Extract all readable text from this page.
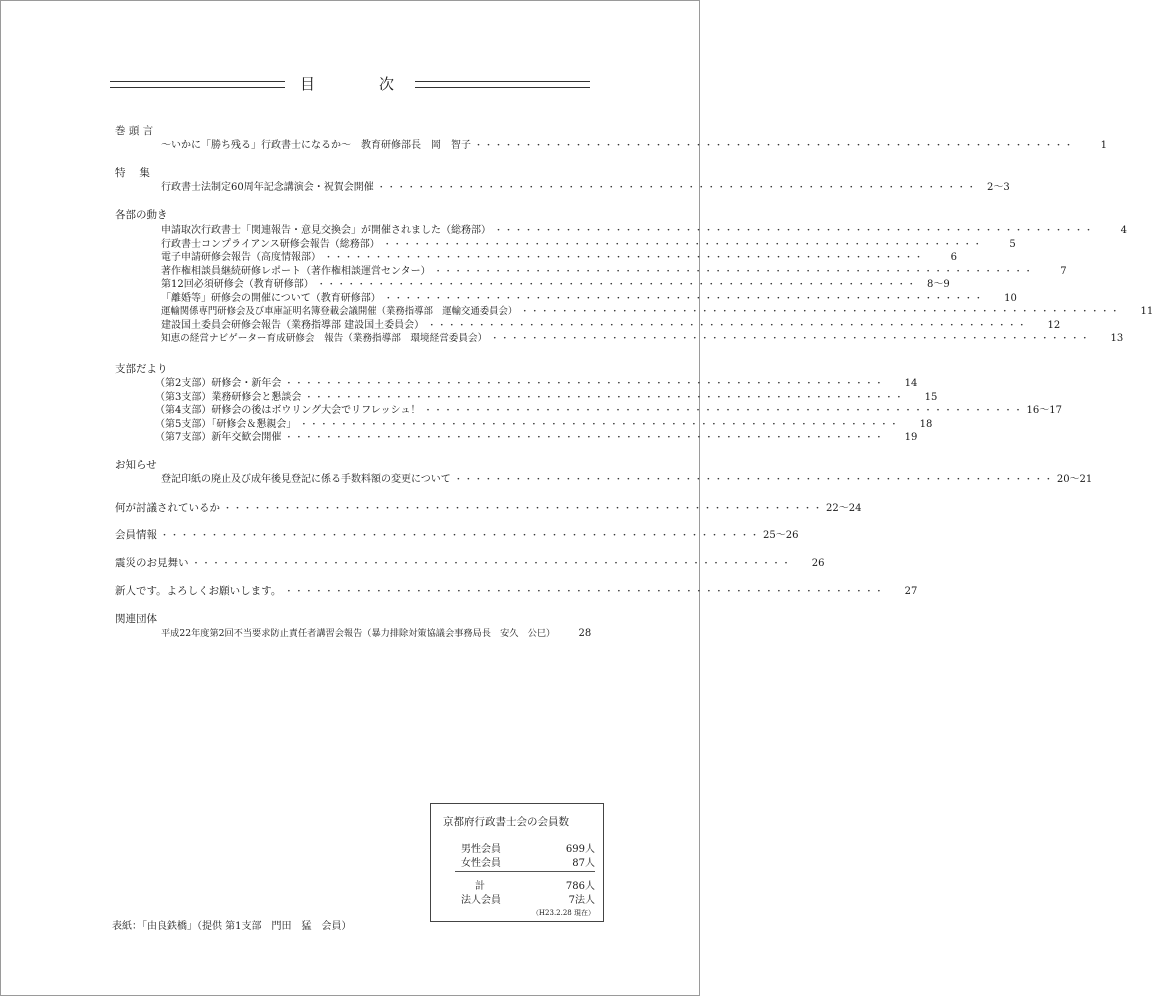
目	次
巻 頭 言
〜いかに「勝ち残る」行政書士になるか〜　教育研修部長　岡　智子 ・・・・・・・・・・・・・・・・・・・・・・・・・・・・・・・・・・・・・・・・・・・・・・・・・・・・・・・・・・・・	1
特　 集
行政書士法制定60周年記念講演会・祝賀会開催 ・・・・・・・・・・・・・・・・・・・・・・・・・・・・・・・・・・・・・・・・・・・・・・・・・・・・・・・・・・・・	2〜3
各部の動き
申請取次行政書士「関連報告・意見交換会」が開催されました（総務部） ・・・・・・・・・・・・・・・・・・・・・・・・・・・・・・・・・・・・・・・・・・・・・・・・・・・・・・・・・・・・	4
行政書士コンプライアンス研修会報告（総務部） ・・・・・・・・・・・・・・・・・・・・・・・・・・・・・・・・・・・・・・・・・・・・・・・・・・・・・・・・・・・・	5
電子申請研修会報告（高度情報部） ・・・・・・・・・・・・・・・・・・・・・・・・・・・・・・・・・・・・・・・・・・・・・・・・・・・・・・・・・・・・	6
著作権相談員継続研修レポート（著作権相談運営センター） ・・・・・・・・・・・・・・・・・・・・・・・・・・・・・・・・・・・・・・・・・・・・・・・・・・・・・・・・・・・・	7
第12回必須研修会（教育研修部） ・・・・・・・・・・・・・・・・・・・・・・・・・・・・・・・・・・・・・・・・・・・・・・・・・・・・・・・・・・・・	8〜9
「離婚等」研修会の開催について（教育研修部） ・・・・・・・・・・・・・・・・・・・・・・・・・・・・・・・・・・・・・・・・・・・・・・・・・・・・・・・・・・・・	10
運輸関係専門研修会及び車庫証明名簿登載会議開催（業務指導部　運輸交通委員会） ・・・・・・・・・・・・・・・・・・・・・・・・・・・・・・・・・・・・・・・・・・・・・・・・・・・・・・・・・・・・	11
建設国土委員会研修会報告（業務指導部 建設国土委員会） ・・・・・・・・・・・・・・・・・・・・・・・・・・・・・・・・・・・・・・・・・・・・・・・・・・・・・・・・・・・・	12
知恵の経営ナビゲーター育成研修会　報告（業務指導部　環境経営委員会） ・・・・・・・・・・・・・・・・・・・・・・・・・・・・・・・・・・・・・・・・・・・・・・・・・・・・・・・・・・・・	13
支部だより
（第2支部）研修会・新年会 ・・・・・・・・・・・・・・・・・・・・・・・・・・・・・・・・・・・・・・・・・・・・・・・・・・・・・・・・・・・・	14
（第3支部）業務研修会と懇談会 ・・・・・・・・・・・・・・・・・・・・・・・・・・・・・・・・・・・・・・・・・・・・・・・・・・・・・・・・・・・・	15
（第4支部）研修会の後はボウリング大会でリフレッシュ！ ・・・・・・・・・・・・・・・・・・・・・・・・・・・・・・・・・・・・・・・・・・・・・・・・・・・・・・・・・・・・ 16〜17
（第5支部）「研修会＆懇親会」 ・・・・・・・・・・・・・・・・・・・・・・・・・・・・・・・・・・・・・・・・・・・・・・・・・・・・・・・・・・・・	18
（第7支部）新年交歓会開催 ・・・・・・・・・・・・・・・・・・・・・・・・・・・・・・・・・・・・・・・・・・・・・・・・・・・・・・・・・・・・	19
お知らせ
登記印紙の廃止及び成年後見登記に係る手数料額の変更について ・・・・・・・・・・・・・・・・・・・・・・・・・・・・・・・・・・・・・・・・・・・・・・・・・・・・・・・・・・・・ 20〜21
何が討議されているか ・・・・・・・・・・・・・・・・・・・・・・・・・・・・・・・・・・・・・・・・・・・・・・・・・・・・・・・・・・・・ 22〜24
会員情報 ・・・・・・・・・・・・・・・・・・・・・・・・・・・・・・・・・・・・・・・・・・・・・・・・・・・・・・・・・・・・ 25〜26
震災のお見舞い ・・・・・・・・・・・・・・・・・・・・・・・・・・・・・・・・・・・・・・・・・・・・・・・・・・・・・・・・・・・・	26
新人です。よろしくお願いします。 ・・・・・・・・・・・・・・・・・・・・・・・・・・・・・・・・・・・・・・・・・・・・・・・・・・・・・・・・・・・・	27
関連団体
平成22年度第2回不当要求防止責任者講習会報告（暴力排除対策協議会事務局長　安久　公巳）	28
京都府行政書士会の会員数
男性会員	699人
女性会員	87人
計	786人
法人会員	7法人
（H23.2.28 現在）
表紙：「由良鉄橋」（提供 第1支部　門田　猛　会員）
